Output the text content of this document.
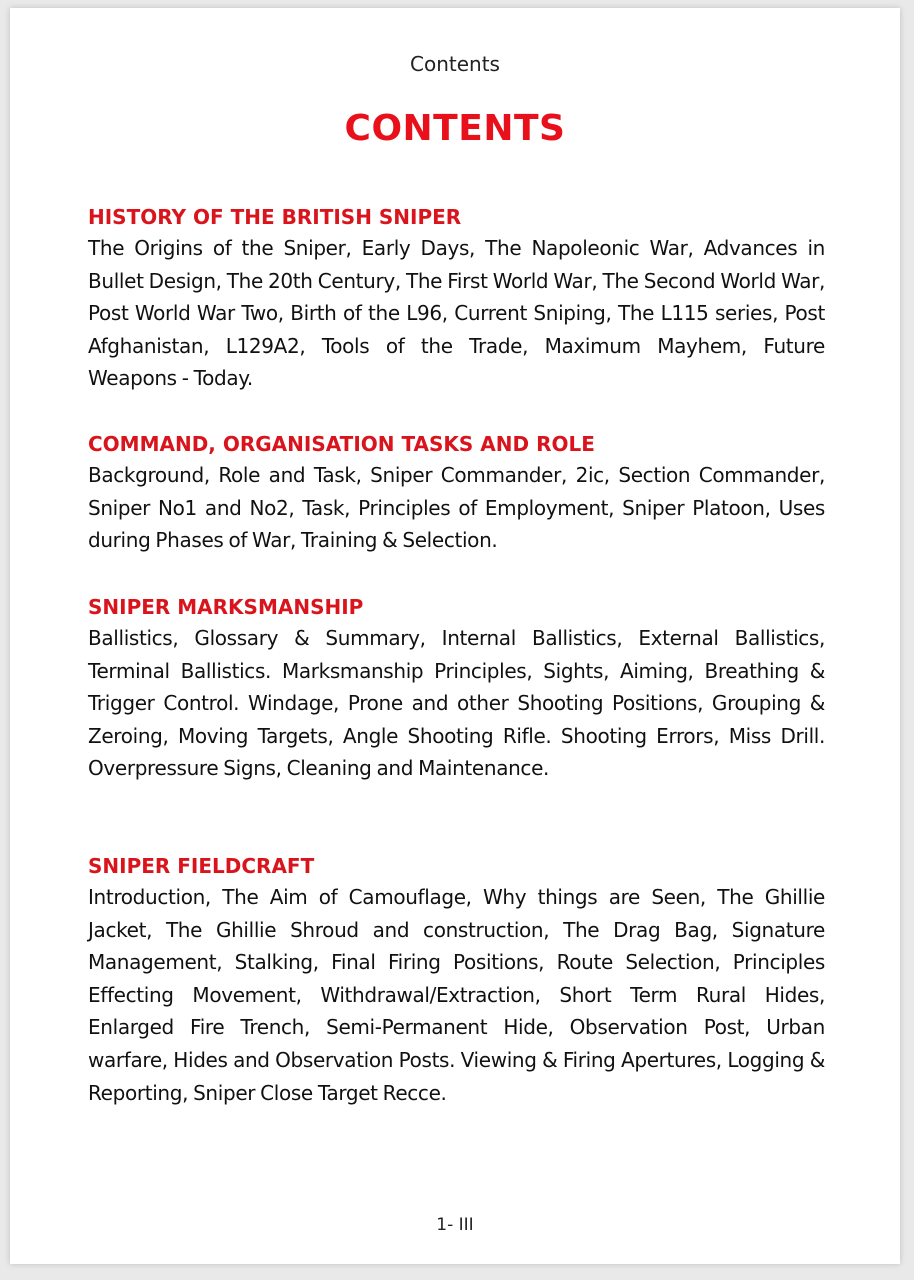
Contents
CONTENTS
HISTORY OF THE BRITISH SNIPER
The Origins of the Sniper, Early Days, The Napoleonic War, Advances in Bullet Design, The 20th Century, The First World War, The Second World War, Post World War Two, Birth of the L96, Current Sniping, The L115 series, Post Afghanistan, L129A2, Tools of the Trade, Maximum Mayhem, Future Weapons - Today.
COMMAND, ORGANISATION TASKS AND ROLE
Background, Role and Task, Sniper Commander, 2ic, Section Commander, Sniper No1 and No2, Task, Principles of Employment, Sniper Platoon, Uses during Phases of War, Training & Selection.
SNIPER MARKSMANSHIP
Ballistics, Glossary & Summary, Internal Ballistics, External Ballistics, Terminal Ballistics. Marksmanship Principles, Sights, Aiming, Breathing & Trigger Control. Windage, Prone and other Shooting Positions, Grouping & Zeroing, Moving Targets, Angle Shooting Rifle. Shooting Errors, Miss Drill. Overpressure Signs, Cleaning and Maintenance.
SNIPER FIELDCRAFT
Introduction, The Aim of Camouflage, Why things are Seen, The Ghillie Jacket, The Ghillie Shroud and construction, The Drag Bag, Signature Management, Stalking, Final Firing Positions, Route Selection, Principles Effecting Movement, Withdrawal/Extraction, Short Term Rural Hides, Enlarged Fire Trench, Semi-Permanent Hide, Observation Post, Urban warfare, Hides and Observation Posts. Viewing & Firing Apertures, Logging & Reporting, Sniper Close Target Recce.
1- III
